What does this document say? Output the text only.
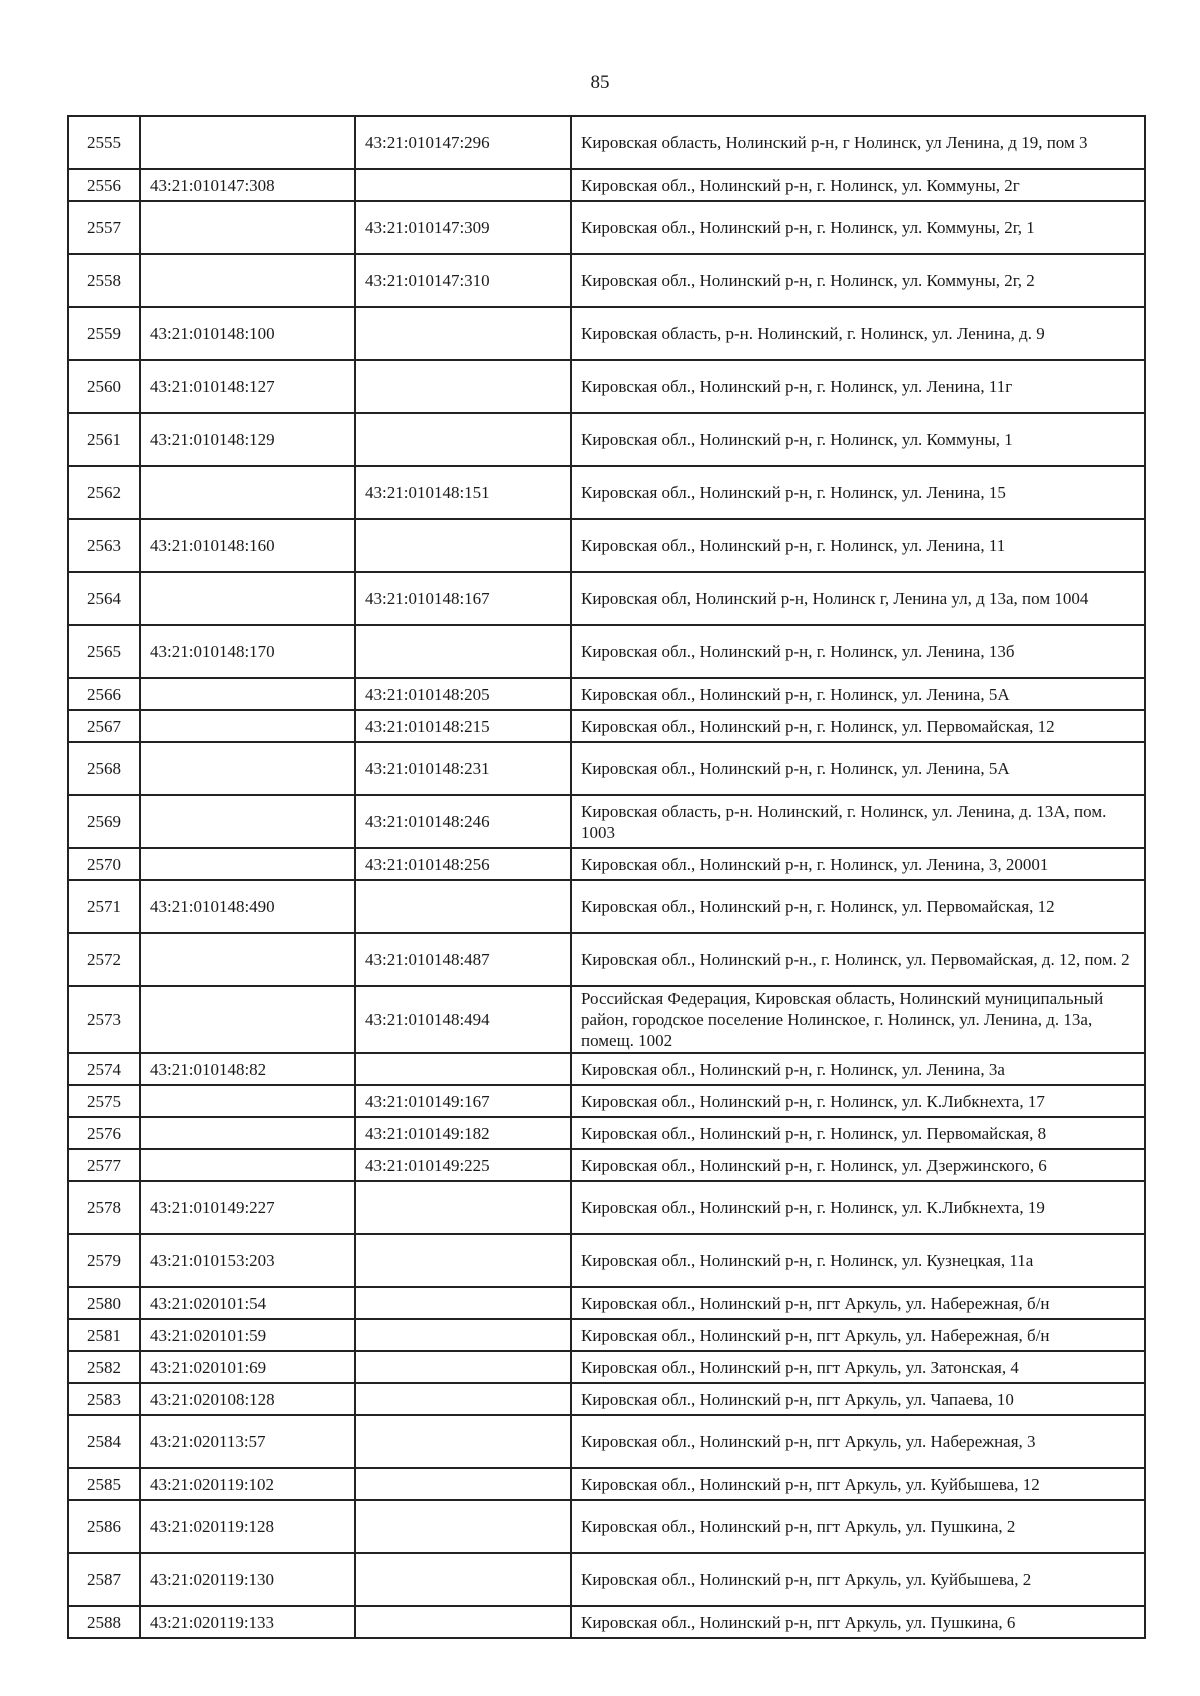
85
2555		43:21:010147:296	Кировская область, Нолинский р-н, г Нолинск, ул Ленина, д 19, пом 3
2556	43:21:010147:308		Кировская обл., Нолинский р-н, г. Нолинск, ул. Коммуны, 2г
2557		43:21:010147:309	Кировская обл., Нолинский р-н, г. Нолинск, ул. Коммуны, 2г, 1
2558		43:21:010147:310	Кировская обл., Нолинский р-н, г. Нолинск, ул. Коммуны, 2г, 2
2559	43:21:010148:100		Кировская область, р-н. Нолинский, г. Нолинск, ул. Ленина, д. 9
2560	43:21:010148:127		Кировская обл., Нолинский р-н, г. Нолинск, ул. Ленина, 11г
2561	43:21:010148:129		Кировская обл., Нолинский р-н, г. Нолинск, ул. Коммуны, 1
2562		43:21:010148:151	Кировская обл., Нолинский р-н, г. Нолинск, ул. Ленина, 15
2563	43:21:010148:160		Кировская обл., Нолинский р-н, г. Нолинск, ул. Ленина, 11
2564		43:21:010148:167	Кировская обл, Нолинский р-н, Нолинск г, Ленина ул, д 13а, пом 1004
2565	43:21:010148:170		Кировская обл., Нолинский р-н, г. Нолинск, ул. Ленина, 13б
2566		43:21:010148:205	Кировская обл., Нолинский р-н, г. Нолинск, ул. Ленина, 5А
2567		43:21:010148:215	Кировская обл., Нолинский р-н, г. Нолинск, ул. Первомайская, 12
2568		43:21:010148:231	Кировская обл., Нолинский р-н, г. Нолинск, ул. Ленина, 5А
2569		43:21:010148:246	Кировская область, р-н. Нолинский, г. Нолинск, ул. Ленина, д. 13А, пом. 1003
2570		43:21:010148:256	Кировская обл., Нолинский р-н, г. Нолинск, ул. Ленина, 3, 20001
2571	43:21:010148:490		Кировская обл., Нолинский р-н, г. Нолинск, ул. Первомайская, 12
2572		43:21:010148:487	Кировская обл., Нолинский р-н., г. Нолинск, ул. Первомайская, д. 12, пом. 2
2573		43:21:010148:494	Российская Федерация, Кировская область, Нолинский муниципальный район, городское поселение Нолинское, г. Нолинск, ул. Ленина, д. 13а, помещ. 1002
2574	43:21:010148:82		Кировская обл., Нолинский р-н, г. Нолинск, ул. Ленина, 3а
2575		43:21:010149:167	Кировская обл., Нолинский р-н, г. Нолинск, ул. К.Либкнехта, 17
2576		43:21:010149:182	Кировская обл., Нолинский р-н, г. Нолинск, ул. Первомайская, 8
2577		43:21:010149:225	Кировская обл., Нолинский р-н, г. Нолинск, ул. Дзержинского, 6
2578	43:21:010149:227		Кировская обл., Нолинский р-н, г. Нолинск, ул. К.Либкнехта, 19
2579	43:21:010153:203		Кировская обл., Нолинский р-н, г. Нолинск, ул. Кузнецкая, 11а
2580	43:21:020101:54		Кировская обл., Нолинский р-н, пгт Аркуль, ул. Набережная, б/н
2581	43:21:020101:59		Кировская обл., Нолинский р-н, пгт Аркуль, ул. Набережная, б/н
2582	43:21:020101:69		Кировская обл., Нолинский р-н, пгт Аркуль, ул. Затонская, 4
2583	43:21:020108:128		Кировская обл., Нолинский р-н, пгт Аркуль, ул. Чапаева, 10
2584	43:21:020113:57		Кировская обл., Нолинский р-н, пгт Аркуль, ул. Набережная, 3
2585	43:21:020119:102		Кировская обл., Нолинский р-н, пгт Аркуль, ул. Куйбышева, 12
2586	43:21:020119:128		Кировская обл., Нолинский р-н, пгт Аркуль, ул. Пушкина, 2
2587	43:21:020119:130		Кировская обл., Нолинский р-н, пгт Аркуль, ул. Куйбышева, 2
2588	43:21:020119:133		Кировская обл., Нолинский р-н, пгт Аркуль, ул. Пушкина, 6
